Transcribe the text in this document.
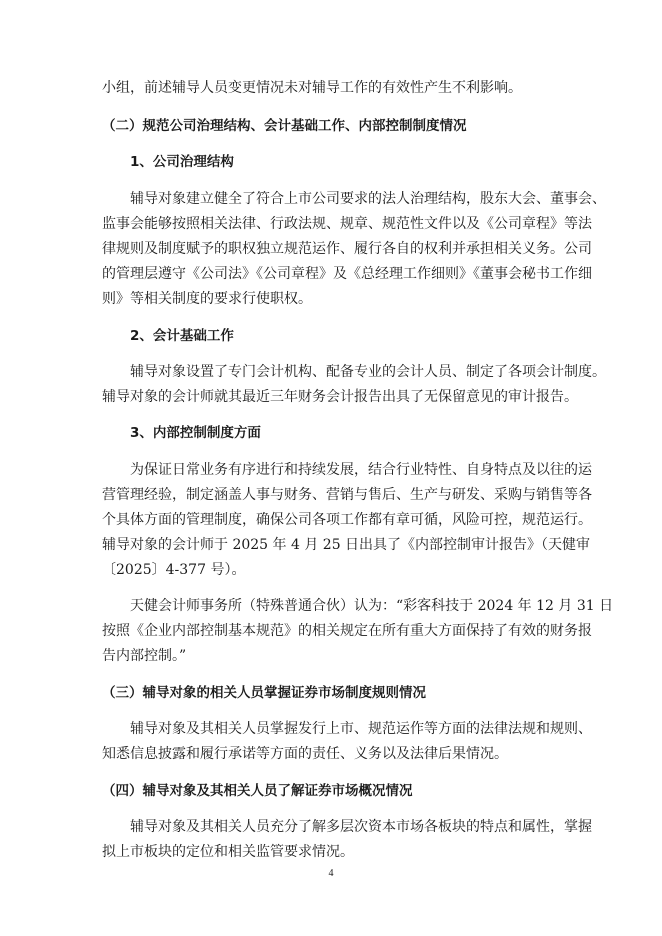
小组，前述辅导人员变更情况未对辅导工作的有效性产生不利影响。
（二）规范公司治理结构、会计基础工作、内部控制制度情况
1、公司治理结构
辅导对象建立健全了符合上市公司要求的法人治理结构，股东大会、董事会、
监事会能够按照相关法律、行政法规、规章、规范性文件以及《公司章程》等法
律规则及制度赋予的职权独立规范运作、履行各自的权利并承担相关义务。公司
的管理层遵守《公司法》《公司章程》及《总经理工作细则》《董事会秘书工作细
则》等相关制度的要求行使职权。
2、会计基础工作
辅导对象设置了专门会计机构、配备专业的会计人员、制定了各项会计制度。
辅导对象的会计师就其最近三年财务会计报告出具了无保留意见的审计报告。
3、内部控制制度方面
为保证日常业务有序进行和持续发展，结合行业特性、自身特点及以往的运
营管理经验，制定涵盖人事与财务、营销与售后、生产与研发、采购与销售等各
个具体方面的管理制度，确保公司各项工作都有章可循，风险可控，规范运行。
辅导对象的会计师于 2025 年 4 月 25 日出具了《内部控制审计报告》（天健审
〔2025〕4-377 号）。
天健会计师事务所（特殊普通合伙）认为：“彩客科技于 2024 年 12 月 31 日
按照《企业内部控制基本规范》的相关规定在所有重大方面保持了有效的财务报
告内部控制。”
（三）辅导对象的相关人员掌握证券市场制度规则情况
辅导对象及其相关人员掌握发行上市、规范运作等方面的法律法规和规则、
知悉信息披露和履行承诺等方面的责任、义务以及法律后果情况。
（四）辅导对象及其相关人员了解证券市场概况情况
辅导对象及其相关人员充分了解多层次资本市场各板块的特点和属性，掌握
拟上市板块的定位和相关监管要求情况。
4
